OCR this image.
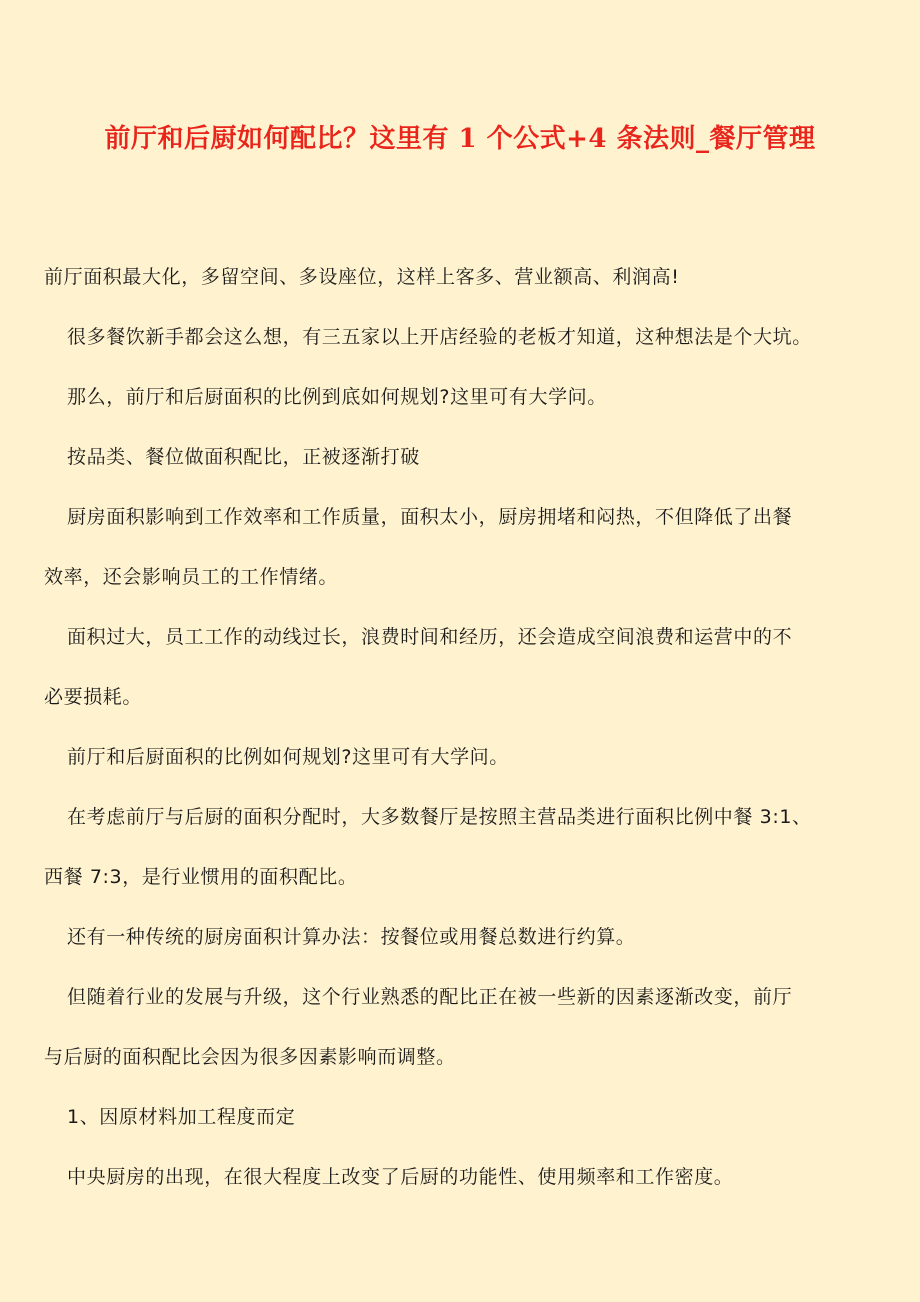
前厅和后厨如何配比？这里有 1 个公式+4 条法则_餐厅管理
前厅面积最大化，多留空间、多设座位，这样上客多、营业额高、利润高!
很多餐饮新手都会这么想，有三五家以上开店经验的老板才知道，这种想法是个大坑。
那么，前厅和后厨面积的比例到底如何规划?这里可有大学问。
按品类、餐位做面积配比，正被逐渐打破
厨房面积影响到工作效率和工作质量，面积太小，厨房拥堵和闷热，不但降低了出餐
效率，还会影响员工的工作情绪。
面积过大，员工工作的动线过长，浪费时间和经历，还会造成空间浪费和运营中的不
必要损耗。
前厅和后厨面积的比例如何规划?这里可有大学问。
在考虑前厅与后厨的面积分配时，大多数餐厅是按照主营品类进行面积比例中餐 3:1、
西餐 7:3，是行业惯用的面积配比。
还有一种传统的厨房面积计算办法：按餐位或用餐总数进行约算。
但随着行业的发展与升级，这个行业熟悉的配比正在被一些新的因素逐渐改变，前厅
与后厨的面积配比会因为很多因素影响而调整。
1、因原材料加工程度而定
中央厨房的出现，在很大程度上改变了后厨的功能性、使用频率和工作密度。
